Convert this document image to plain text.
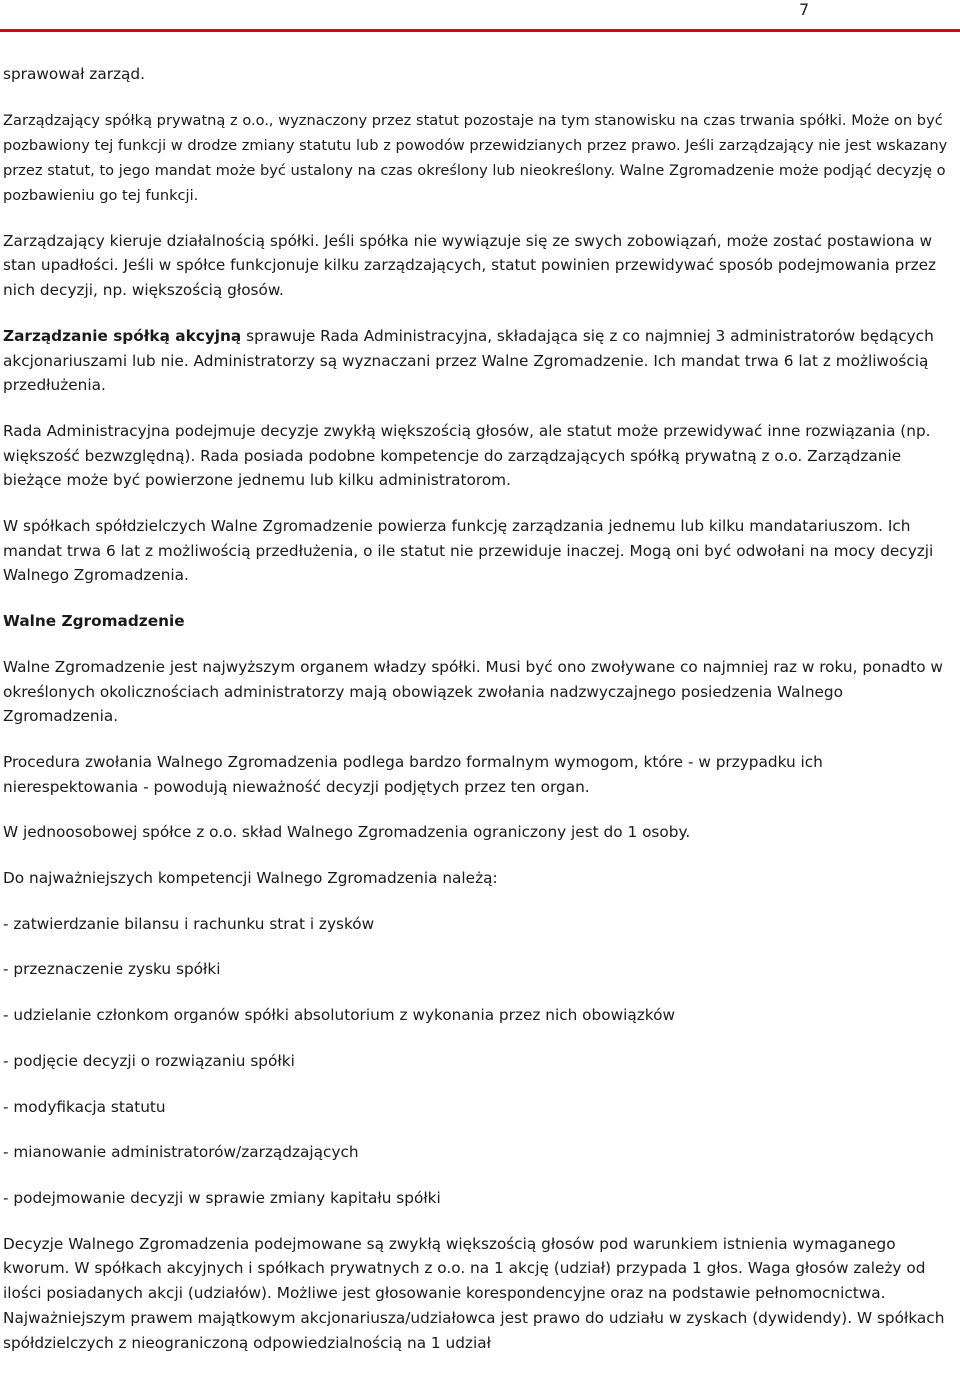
7

sprawował zarząd.

Zarządzający spółką prywatną z o.o., wyznaczony przez statut pozostaje na tym stanowisku na czas trwania spółki. Może on być pozbawiony tej funkcji w drodze zmiany statutu lub z powodów przewidzianych przez prawo. Jeśli zarządzający nie jest wskazany przez statut, to jego mandat może być ustalony na czas określony lub nieokreślony. Walne Zgromadzenie może podjąć decyzję o pozbawieniu go tej funkcji.

Zarządzający kieruje działalnością spółki. Jeśli spółka nie wywiązuje się ze swych zobowiązań, może zostać postawiona w stan upadłości. Jeśli w spółce funkcjonuje kilku zarządzających, statut powinien przewidywać sposób podejmowania przez nich decyzji, np. większością głosów.

Zarządzanie spółką akcyjną sprawuje Rada Administracyjna, składająca się z co najmniej 3 administratorów będących akcjonariuszami lub nie. Administratorzy są wyznaczani przez Walne Zgromadzenie. Ich mandat trwa 6 lat z możliwością przedłużenia.

Rada Administracyjna podejmuje decyzje zwykłą większością głosów, ale statut może przewidywać inne rozwiązania (np. większość bezwzględną). Rada posiada podobne kompetencje do zarządzających spółką prywatną z o.o. Zarządzanie bieżące może być powierzone jednemu lub kilku administratorom.

W spółkach spółdzielczych Walne Zgromadzenie powierza funkcję zarządzania jednemu lub kilku mandatariuszom. Ich mandat trwa 6 lat z możliwością przedłużenia, o ile statut nie przewiduje inaczej. Mogą oni być odwołani na mocy decyzji Walnego Zgromadzenia.

Walne Zgromadzenie

Walne Zgromadzenie jest najwyższym organem władzy spółki. Musi być ono zwoływane co najmniej raz w roku, ponadto w określonych okolicznościach administratorzy mają obowiązek zwołania nadzwyczajnego posiedzenia Walnego Zgromadzenia.

Procedura zwołania Walnego Zgromadzenia podlega bardzo formalnym wymogom, które - w przypadku ich nierespektowania - powodują nieważność decyzji podjętych przez ten organ.

W jednoosobowej spółce z o.o. skład Walnego Zgromadzenia ograniczony jest do 1 osoby.

Do najważniejszych kompetencji Walnego Zgromadzenia należą:

- zatwierdzanie bilansu i rachunku strat i zysków

- przeznaczenie zysku spółki

- udzielanie członkom organów spółki absolutorium z wykonania przez nich obowiązków

- podjęcie decyzji o rozwiązaniu spółki

- modyfikacja statutu

- mianowanie administratorów/zarządzających

- podejmowanie decyzji w sprawie zmiany kapitału spółki

Decyzje Walnego Zgromadzenia podejmowane są zwykłą większością głosów pod warunkiem istnienia wymaganego kworum. W spółkach akcyjnych i spółkach prywatnych z o.o. na 1 akcję (udział) przypada 1 głos. Waga głosów zależy od ilości posiadanych akcji (udziałów). Możliwe jest głosowanie korespondencyjne oraz na podstawie pełnomocnictwa. Najważniejszym prawem majątkowym akcjonariusza/udziałowca jest prawo do udziału w zyskach (dywidendy). W spółkach spółdzielczych z nieograniczoną odpowiedzialnością na 1 udział
